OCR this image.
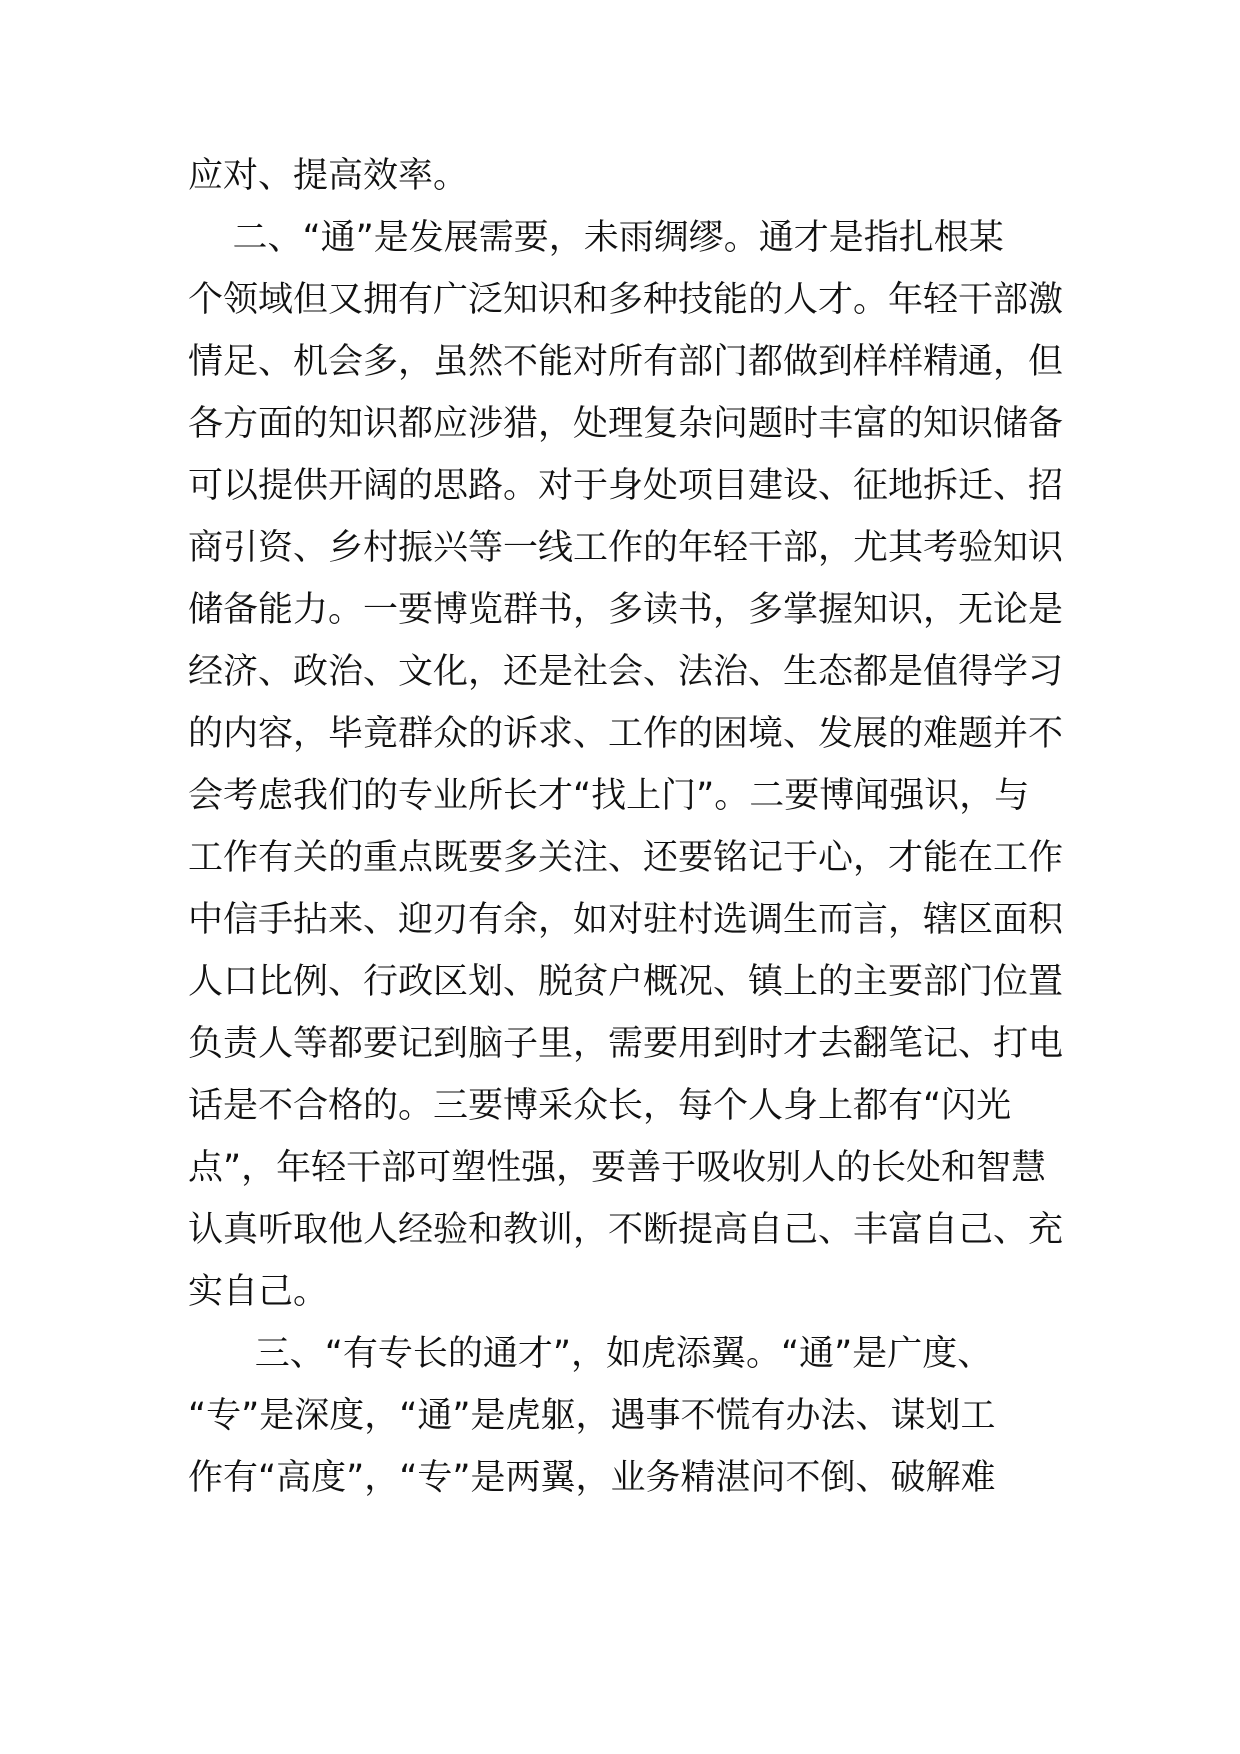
应对、提高效率。
二、“通”是发展需要，未雨绸缪。通才是指扎根某
个领域但又拥有广泛知识和多种技能的人才。年轻干部激
情足、机会多，虽然不能对所有部门都做到样样精通，但
各方面的知识都应涉猎，处理复杂问题时丰富的知识储备
可以提供开阔的思路。对于身处项目建设、征地拆迁、招
商引资、乡村振兴等一线工作的年轻干部，尤其考验知识
储备能力。一要博览群书，多读书，多掌握知识，无论是
经济、政治、文化，还是社会、法治、生态都是值得学习
的内容，毕竟群众的诉求、工作的困境、发展的难题并不
会考虑我们的专业所长才“找上门”。二要博闻强识，与
工作有关的重点既要多关注、还要铭记于心，才能在工作
中信手拈来、迎刃有余，如对驻村选调生而言，辖区面积
人口比例、行政区划、脱贫户概况、镇上的主要部门位置
负责人等都要记到脑子里，需要用到时才去翻笔记、打电
话是不合格的。三要博采众长，每个人身上都有“闪光
点”，年轻干部可塑性强，要善于吸收别人的长处和智慧
认真听取他人经验和教训，不断提高自己、丰富自己、充
实自己。
三、“有专长的通才”，如虎添翼。“通”是广度、
“专”是深度，“通”是虎躯，遇事不慌有办法、谋划工
作有“高度”，“专”是两翼，业务精湛问不倒、破解难
